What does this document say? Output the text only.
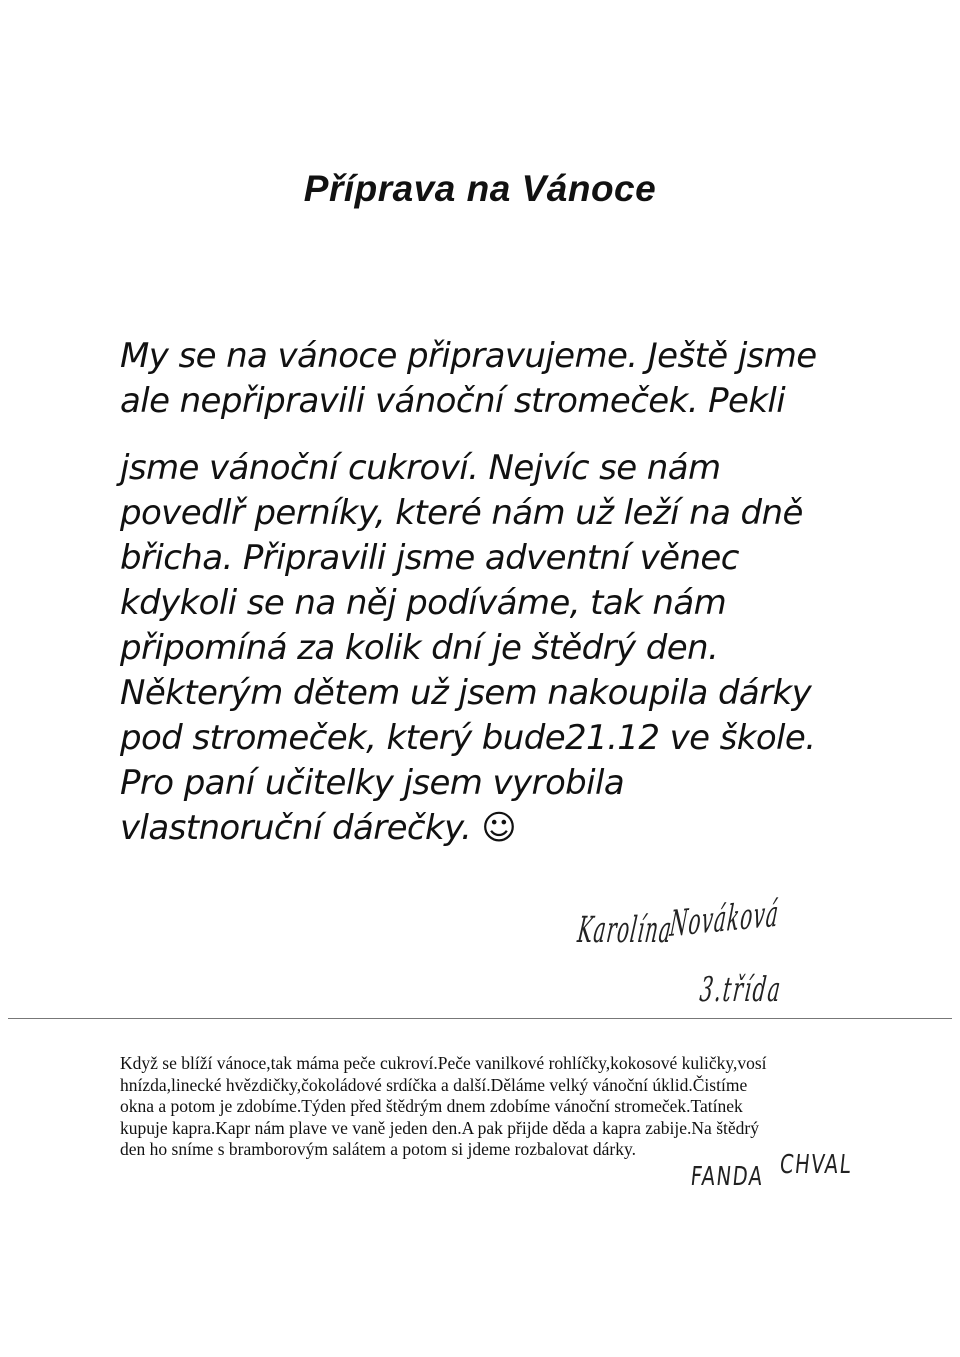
Příprava na Vánoce
My se na vánoce připravujeme. Ještě jsme
ale nepřipravili vánoční stromeček. Pekli
jsme vánoční cukroví. Nejvíc se nám
povedlř perníky, které nám už leží na dně
břicha. Připravili jsme adventní věnec
kdykoli se na něj podíváme, tak nám
připomíná za kolik dní je štědrý den.
Některým dětem už jsem nakoupila dárky
pod stromeček, který bude21.12 ve škole.
Pro paní učitelky jsem vyrobila
vlastnoruční dárečky. ☺
Karolína
Nováková
3.třída
Když se blíží vánoce,tak máma peče cukroví.Peče vanilkové rohlíčky,kokosové kuličky,vosí
hnízda,linecké hvězdičky,čokoládové srdíčka a další.Děláme velký vánoční úklid.Čistíme
okna a potom je zdobíme.Týden před štědrým dnem zdobíme vánoční stromeček.Tatínek
kupuje kapra.Kapr nám plave ve vaně jeden den.A pak přijde děda a kapra zabije.Na štědrý
den ho sníme s bramborovým salátem a potom si jdeme rozbalovat dárky.
FANDA CHVAL
